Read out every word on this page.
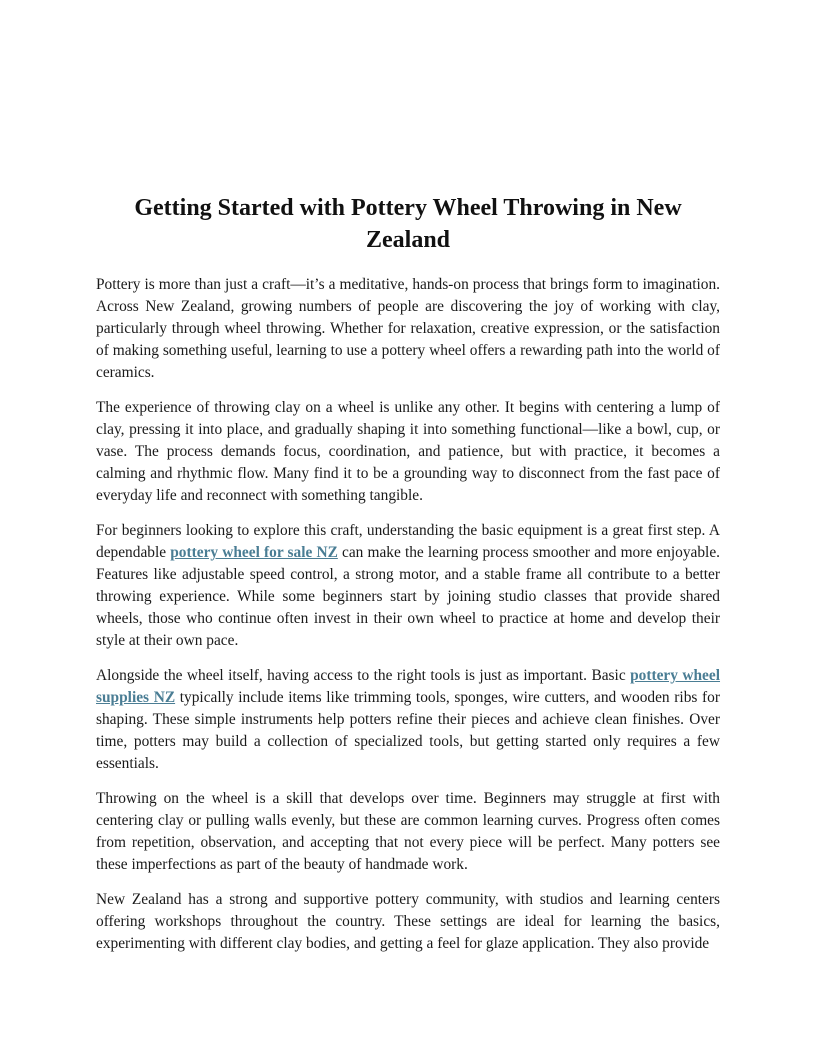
Getting Started with Pottery Wheel Throwing in New Zealand

Pottery is more than just a craft—it’s a meditative, hands-on process that brings form to imagination. Across New Zealand, growing numbers of people are discovering the joy of working with clay, particularly through wheel throwing. Whether for relaxation, creative expression, or the satisfaction of making something useful, learning to use a pottery wheel offers a rewarding path into the world of ceramics.

The experience of throwing clay on a wheel is unlike any other. It begins with centering a lump of clay, pressing it into place, and gradually shaping it into something functional—like a bowl, cup, or vase. The process demands focus, coordination, and patience, but with practice, it becomes a calming and rhythmic flow. Many find it to be a grounding way to disconnect from the fast pace of everyday life and reconnect with something tangible.

For beginners looking to explore this craft, understanding the basic equipment is a great first step. A dependable pottery wheel for sale NZ can make the learning process smoother and more enjoyable. Features like adjustable speed control, a strong motor, and a stable frame all contribute to a better throwing experience. While some beginners start by joining studio classes that provide shared wheels, those who continue often invest in their own wheel to practice at home and develop their style at their own pace.

Alongside the wheel itself, having access to the right tools is just as important. Basic pottery wheel supplies NZ typically include items like trimming tools, sponges, wire cutters, and wooden ribs for shaping. These simple instruments help potters refine their pieces and achieve clean finishes. Over time, potters may build a collection of specialized tools, but getting started only requires a few essentials.

Throwing on the wheel is a skill that develops over time. Beginners may struggle at first with centering clay or pulling walls evenly, but these are common learning curves. Progress often comes from repetition, observation, and accepting that not every piece will be perfect. Many potters see these imperfections as part of the beauty of handmade work.

New Zealand has a strong and supportive pottery community, with studios and learning centers offering workshops throughout the country. These settings are ideal for learning the basics, experimenting with different clay bodies, and getting a feel for glaze application. They also provide
